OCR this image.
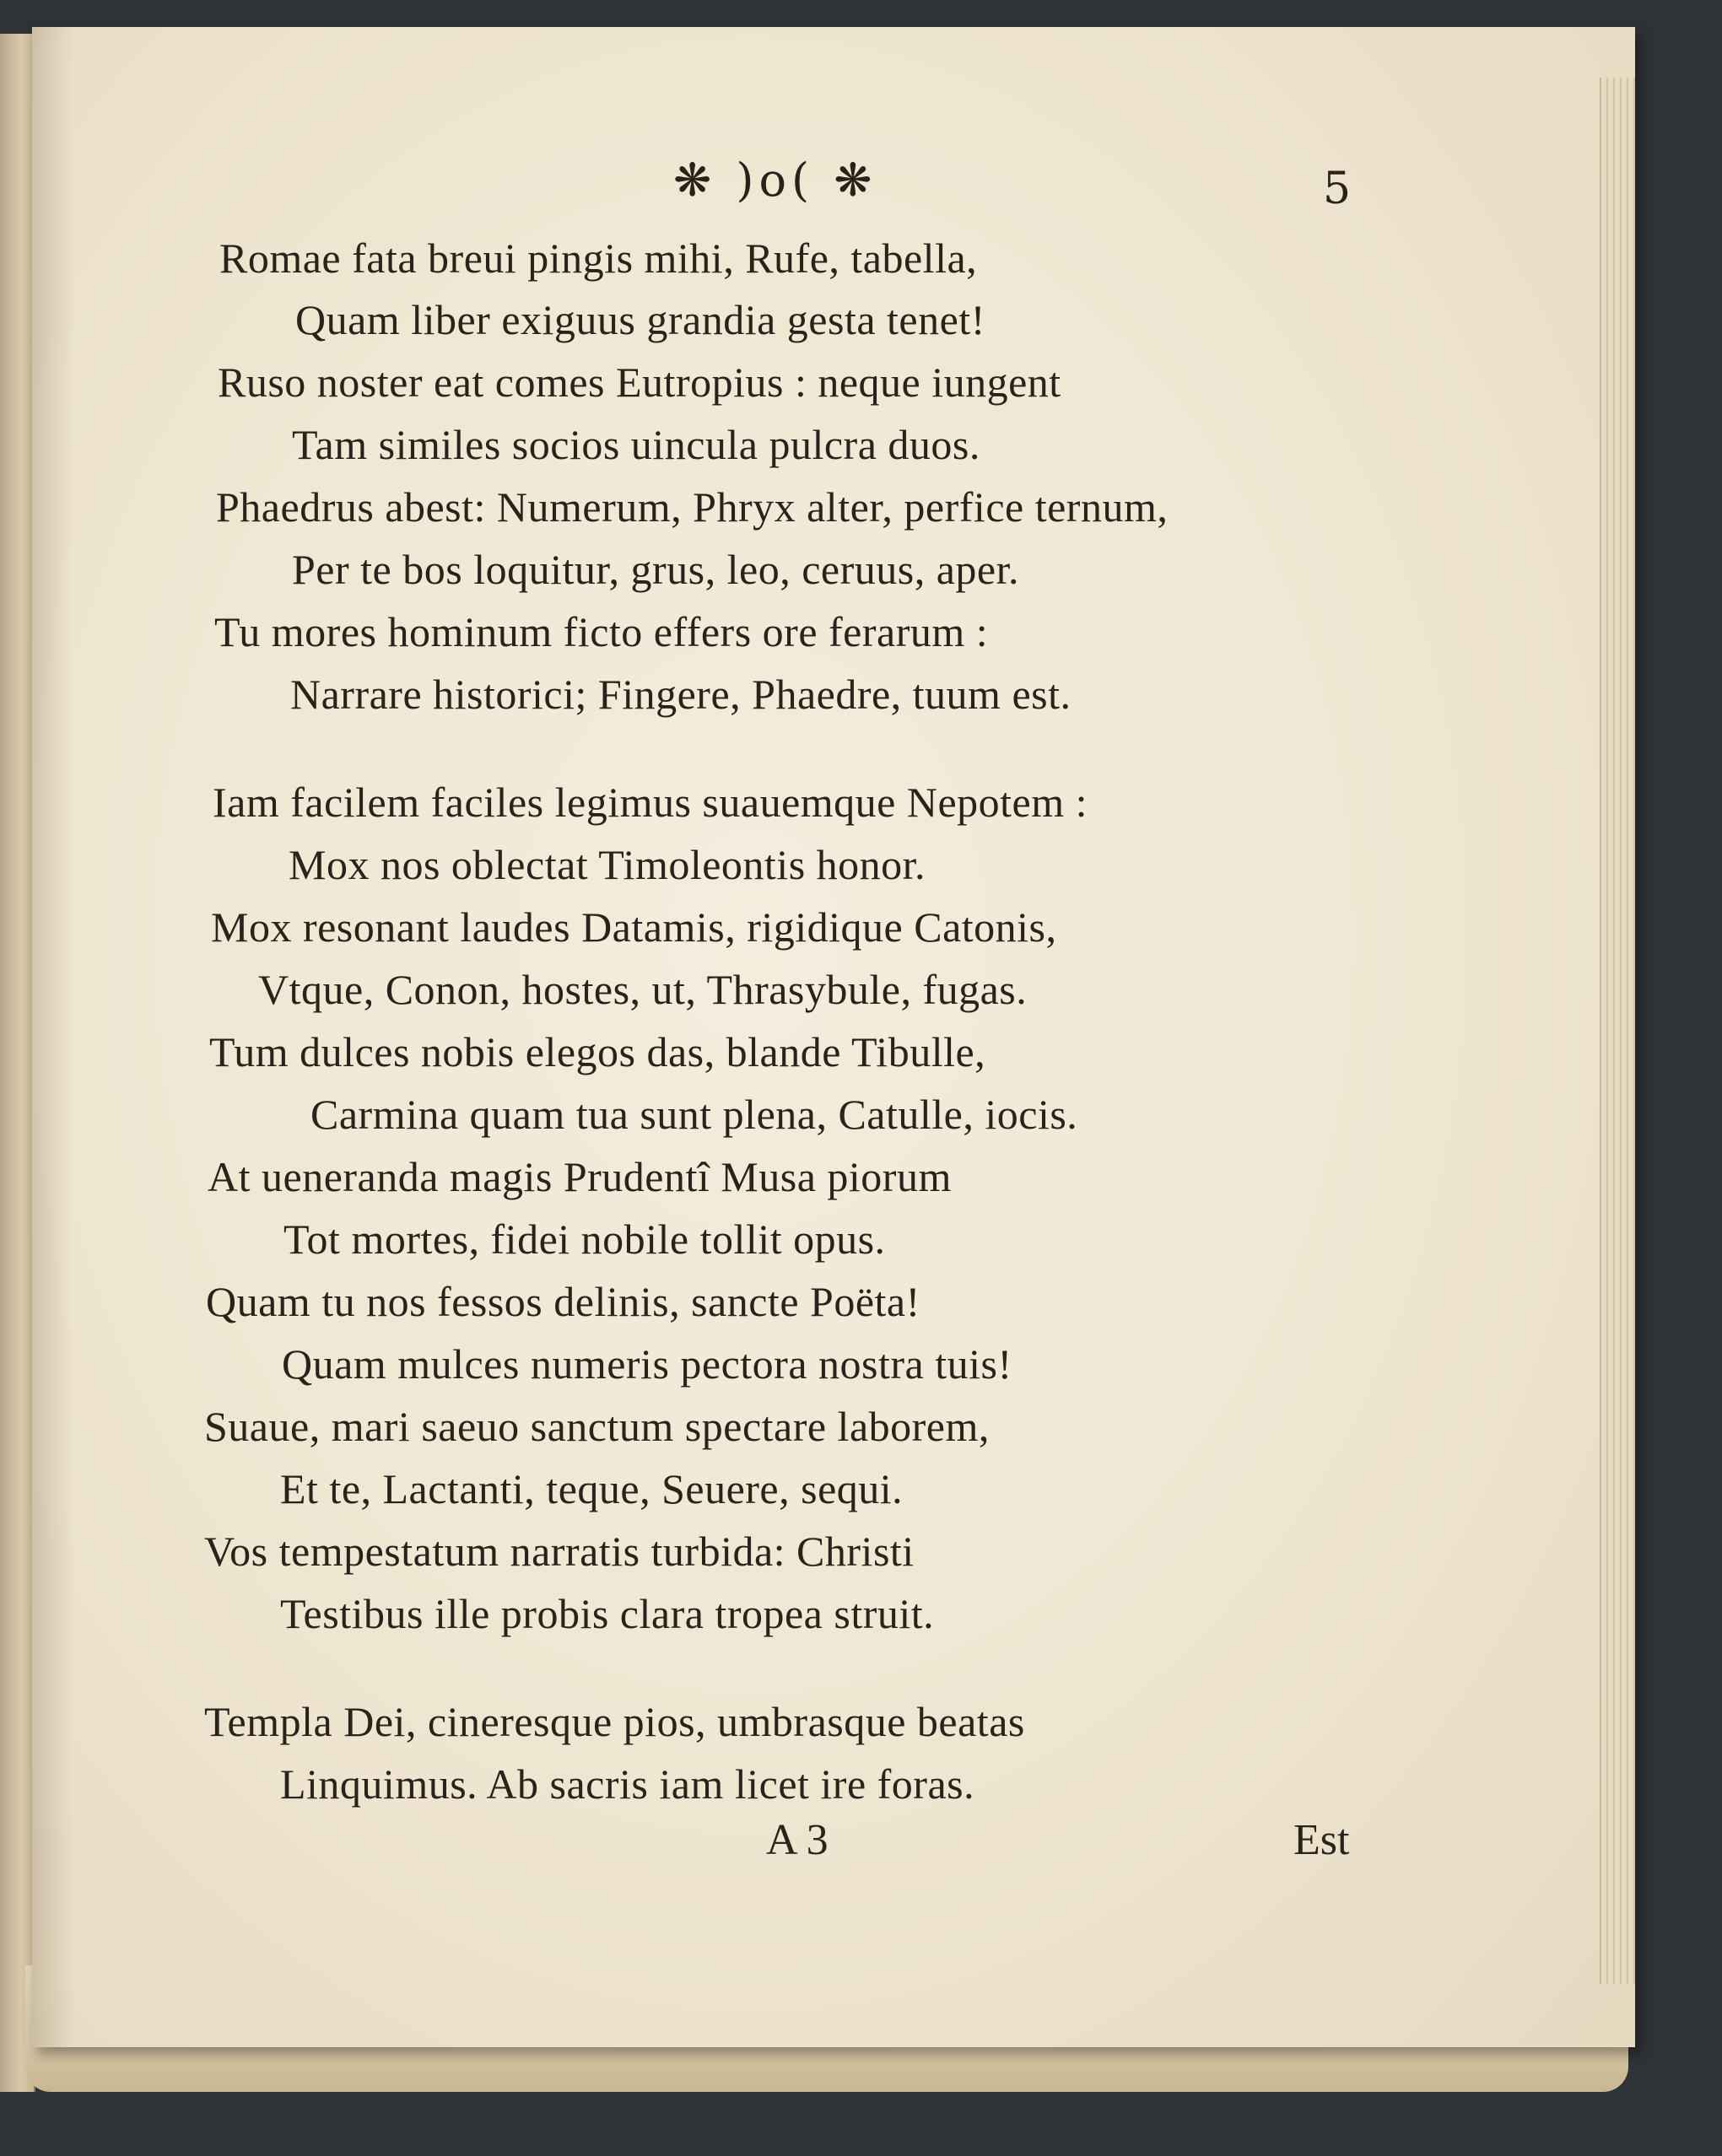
❋ )o( ❋	5
Romae fata breui pingis mihi, Rufe, tabella,
Quam liber exiguus grandia gesta tenet!
Ruso noster eat comes Eutropius : neque iungent
Tam similes socios uincula pulcra duos.
Phaedrus abest: Numerum, Phryx alter, perfice ternum,
Per te bos loquitur, grus, leo, ceruus, aper.
Tu mores hominum ficto effers ore ferarum :
Narrare historici; Fingere, Phaedre, tuum est.
Iam facilem faciles legimus suauemque Nepotem :
Mox nos oblectat Timoleontis honor.
Mox resonant laudes Datamis, rigidique Catonis,
Vtque, Conon, hostes, ut, Thrasybule, fugas.
Tum dulces nobis elegos das, blande Tibulle,
Carmina quam tua sunt plena, Catulle, iocis.
At ueneranda magis Prudentî Musa piorum
Tot mortes, fidei nobile tollit opus.
Quam tu nos fessos delinis, sancte Poëta!
Quam mulces numeris pectora nostra tuis!
Suaue, mari saeuo sanctum spectare laborem,
Et te, Lactanti, teque, Seuere, sequi.
Vos tempestatum narratis turbida: Christi
Testibus ille probis clara tropea struit.
Templa Dei, cineresque pios, umbrasque beatas
Linquimus. Ab sacris iam licet ire foras.
A 3	Est
